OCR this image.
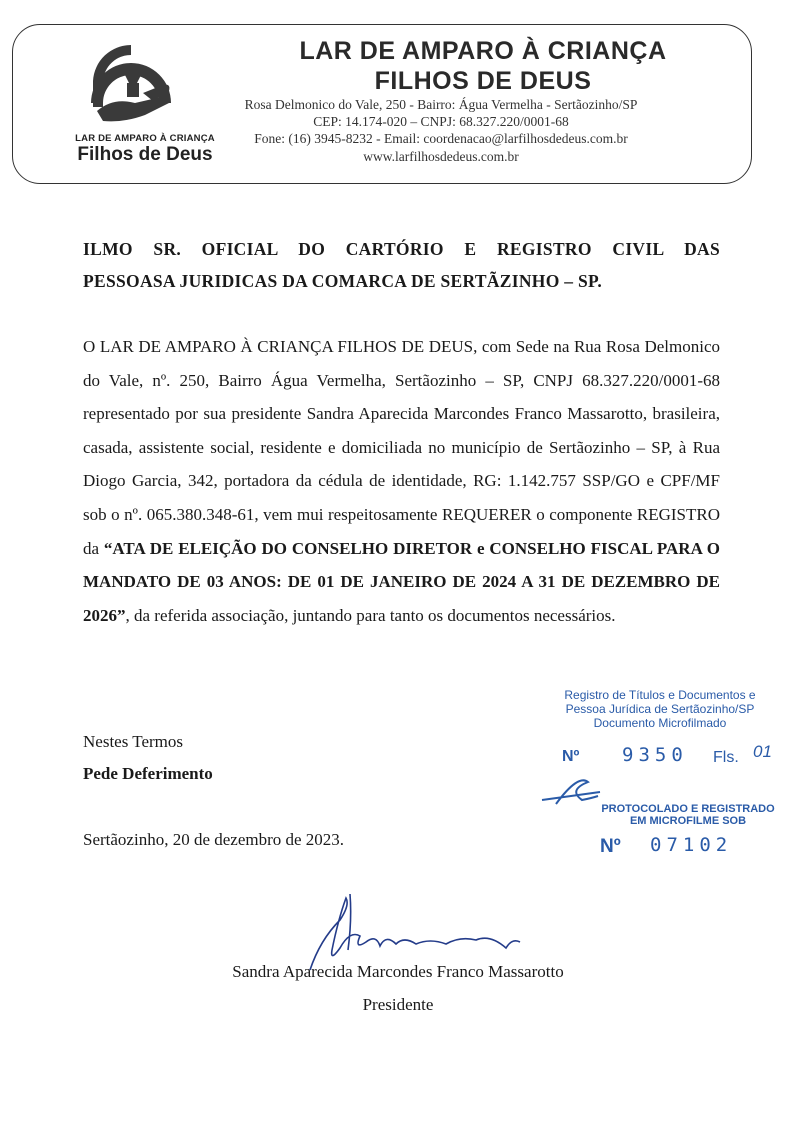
LAR DE AMPARO À CRIANÇA
Filhos de Deus
LAR DE AMPARO À CRIANÇA
FILHOS DE DEUS
Rosa Delmonico do Vale, 250 - Bairro: Água Vermelha - Sertãozinho/SP
CEP: 14.174-020 – CNPJ: 68.327.220/0001-68
Fone: (16) 3945-8232 - Email: coordenacao@larfilhosdedeus.com.br
www.larfilhosdedeus.com.br
ILMO SR. OFICIAL DO CARTÓRIO E REGISTRO CIVIL DAS
PESSOASA JURIDICAS DA COMARCA DE SERTÃZINHO – SP.
O LAR DE AMPARO À CRIANÇA FILHOS DE DEUS, com Sede na Rua Rosa Delmonico do Vale, nº. 250, Bairro Água Vermelha, Sertãozinho – SP, CNPJ 68.327.220/0001-68 representado por sua presidente Sandra Aparecida Marcondes Franco Massarotto, brasileira, casada, assistente social, residente e domiciliada no município de Sertãozinho – SP, à Rua Diogo Garcia, 342, portadora da cédula de identidade, RG: 1.142.757 SSP/GO e CPF/MF sob o nº. 065.380.348-61, vem mui respeitosamente REQUERER o componente REGISTRO da “ATA DE ELEIÇÃO DO CONSELHO DIRETOR e CONSELHO FISCAL PARA O MANDATO DE 03 ANOS: DE 01 DE JANEIRO DE 2024 A 31 DE DEZEMBRO DE 2026”, da referida associação, juntando para tanto os documentos necessários.
Nestes Termos
Pede Deferimento
Sertãozinho, 20 de dezembro de 2023.
Registro de Títulos e Documentos e
Pessoa Jurídica de Sertãozinho/SP
Documento Microfilmado
Nº 9350 Fls. 01
PROTOCOLADO E REGISTRADO
EM MICROFILME SOB
Nº 07102
Sandra Aparecida Marcondes Franco Massarotto
Presidente
